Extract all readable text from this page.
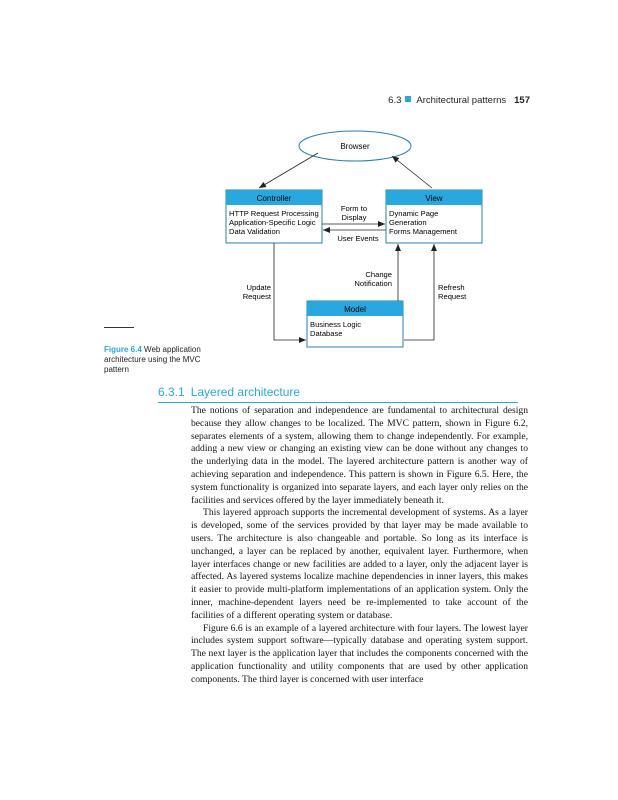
6.3 Architectural patterns 157
Browser
Controller
HTTP Request Processing
Application-Specific Logic
Data Validation
View
Dynamic Page
Generation
Forms Management
Model
Business Logic
Database
Form to
Display
User Events
Change
Notification
Update
Request
Refresh
Request
Figure 6.4 Web application architecture using the MVC pattern
6.3.1 Layered architecture

The notions of separation and independence are fundamental to architectural design because they allow changes to be localized. The MVC pattern, shown in Figure 6.2, separates elements of a system, allowing them to change independently. For example, adding a new view or changing an existing view can be done without any changes to the underlying data in the model. The layered architecture pattern is another way of achieving separation and independence. This pattern is shown in Figure 6.5. Here, the system functionality is organized into separate layers, and each layer only relies on the facilities and services offered by the layer immediately beneath it.

This layered approach supports the incremental development of systems. As a layer is developed, some of the services provided by that layer may be made available to users. The architecture is also changeable and portable. So long as its interface is unchanged, a layer can be replaced by another, equivalent layer. Furthermore, when layer interfaces change or new facilities are added to a layer, only the adjacent layer is affected. As layered systems localize machine dependencies in inner layers, this makes it easier to provide multi-platform implementations of an application system. Only the inner, machine-dependent layers need be re-implemented to take account of the facilities of a different operating system or database.

Figure 6.6 is an example of a layered architecture with four layers. The lowest layer includes system support software—typically database and operating system support. The next layer is the application layer that includes the components concerned with the application functionality and utility components that are used by other application components. The third layer is concerned with user interface
